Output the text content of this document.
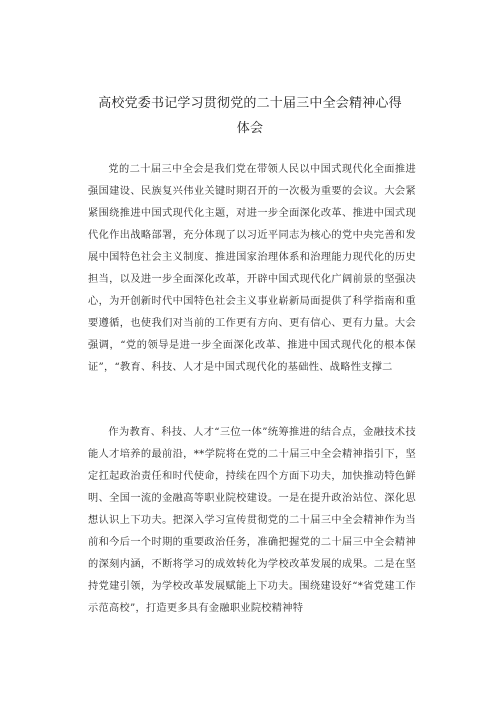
高校党委书记学习贯彻党的二十届三中全会精神心得
体会

党的二十届三中全会是我们党在带领人民以中国式现代化全面推进强国建设、民族复兴伟业关键时期召开的一次极为重要的会议。大会紧紧围绕推进中国式现代化主题，对进一步全面深化改革、推进中国式现代化作出战略部署，充分体现了以习近平同志为核心的党中央完善和发展中国特色社会主义制度、推进国家治理体系和治理能力现代化的历史担当，以及进一步全面深化改革，开辟中国式现代化广阔前景的坚强决心，为开创新时代中国特色社会主义事业崭新局面提供了科学指南和重要遵循，也使我们对当前的工作更有方向、更有信心、更有力量。大会强调，“党的领导是进一步全面深化改革、推进中国式现代化的根本保证”，“教育、科技、人才是中国式现代化的基础性、战略性支撑二

作为教育、科技、人才“三位一体”统筹推进的结合点，金融技术技能人才培养的最前沿，**学院将在党的二十届三中全会精神指引下，坚定扛起政治责任和时代使命，持续在四个方面下功夫，加快推动特色鲜明、全国一流的金融高等职业院校建设。一是在提升政治站位、深化思想认识上下功夫。把深入学习宣传贯彻党的二十届三中全会精神作为当前和今后一个时期的重要政治任务，准确把握党的二十届三中全会精神的深刻内涵，不断将学习的成效转化为学校改革发展的成果。二是在坚持党建引领，为学校改革发展赋能上下功夫。围绕建设好“*省党建工作示范高校”，打造更多具有金融职业院校精神特
